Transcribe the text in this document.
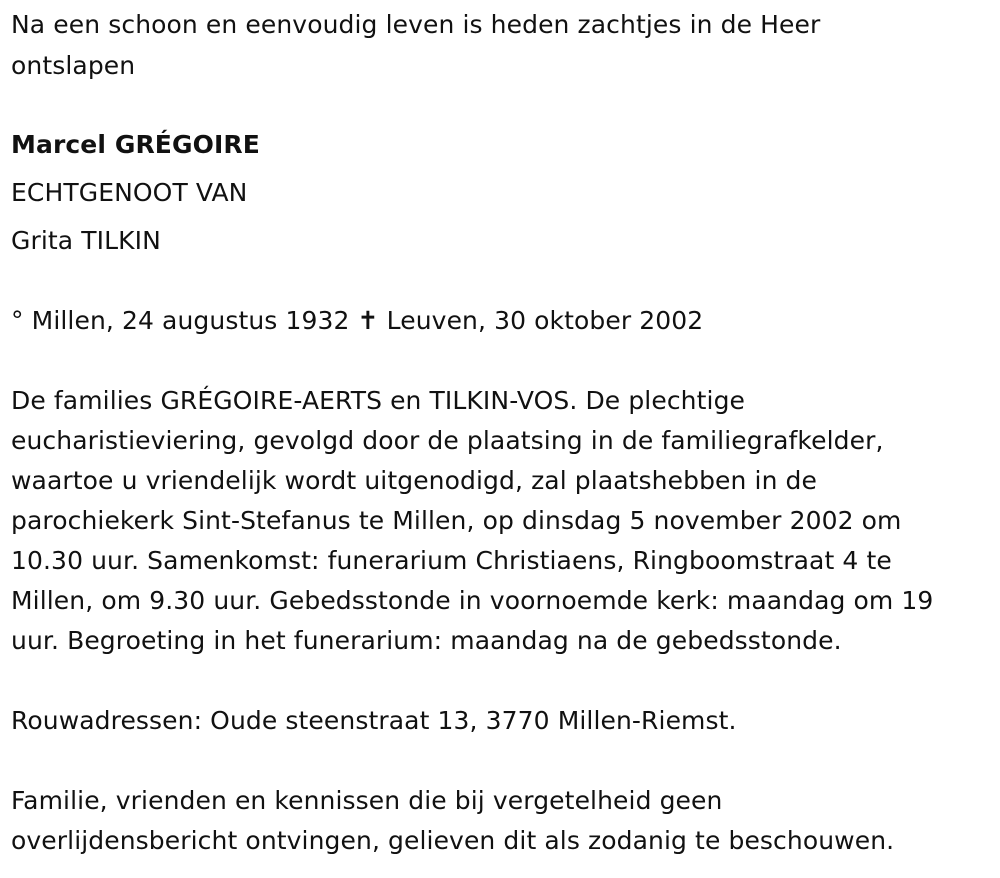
Na een schoon en eenvoudig leven is heden zachtjes in de Heer
ontslapen
Marcel GRÉGOIRE
ECHTGENOOT VAN
Grita TILKIN
° Millen, 24 augustus 1932 ✝ Leuven, 30 oktober 2002
De families GRÉGOIRE-AERTS en TILKIN-VOS. De plechtige
eucharistieviering, gevolgd door de plaatsing in de familiegrafkelder,
waartoe u vriendelijk wordt uitgenodigd, zal plaatshebben in de
parochiekerk Sint-Stefanus te Millen, op dinsdag 5 november 2002 om
10.30 uur. Samenkomst: funerarium Christiaens, Ringboomstraat 4 te
Millen, om 9.30 uur. Gebedsstonde in voornoemde kerk: maandag om 19
uur. Begroeting in het funerarium: maandag na de gebedsstonde.
Rouwadressen: Oude steenstraat 13, 3770 Millen-Riemst.
Familie, vrienden en kennissen die bij vergetelheid geen
overlijdensbericht ontvingen, gelieven dit als zodanig te beschouwen.
